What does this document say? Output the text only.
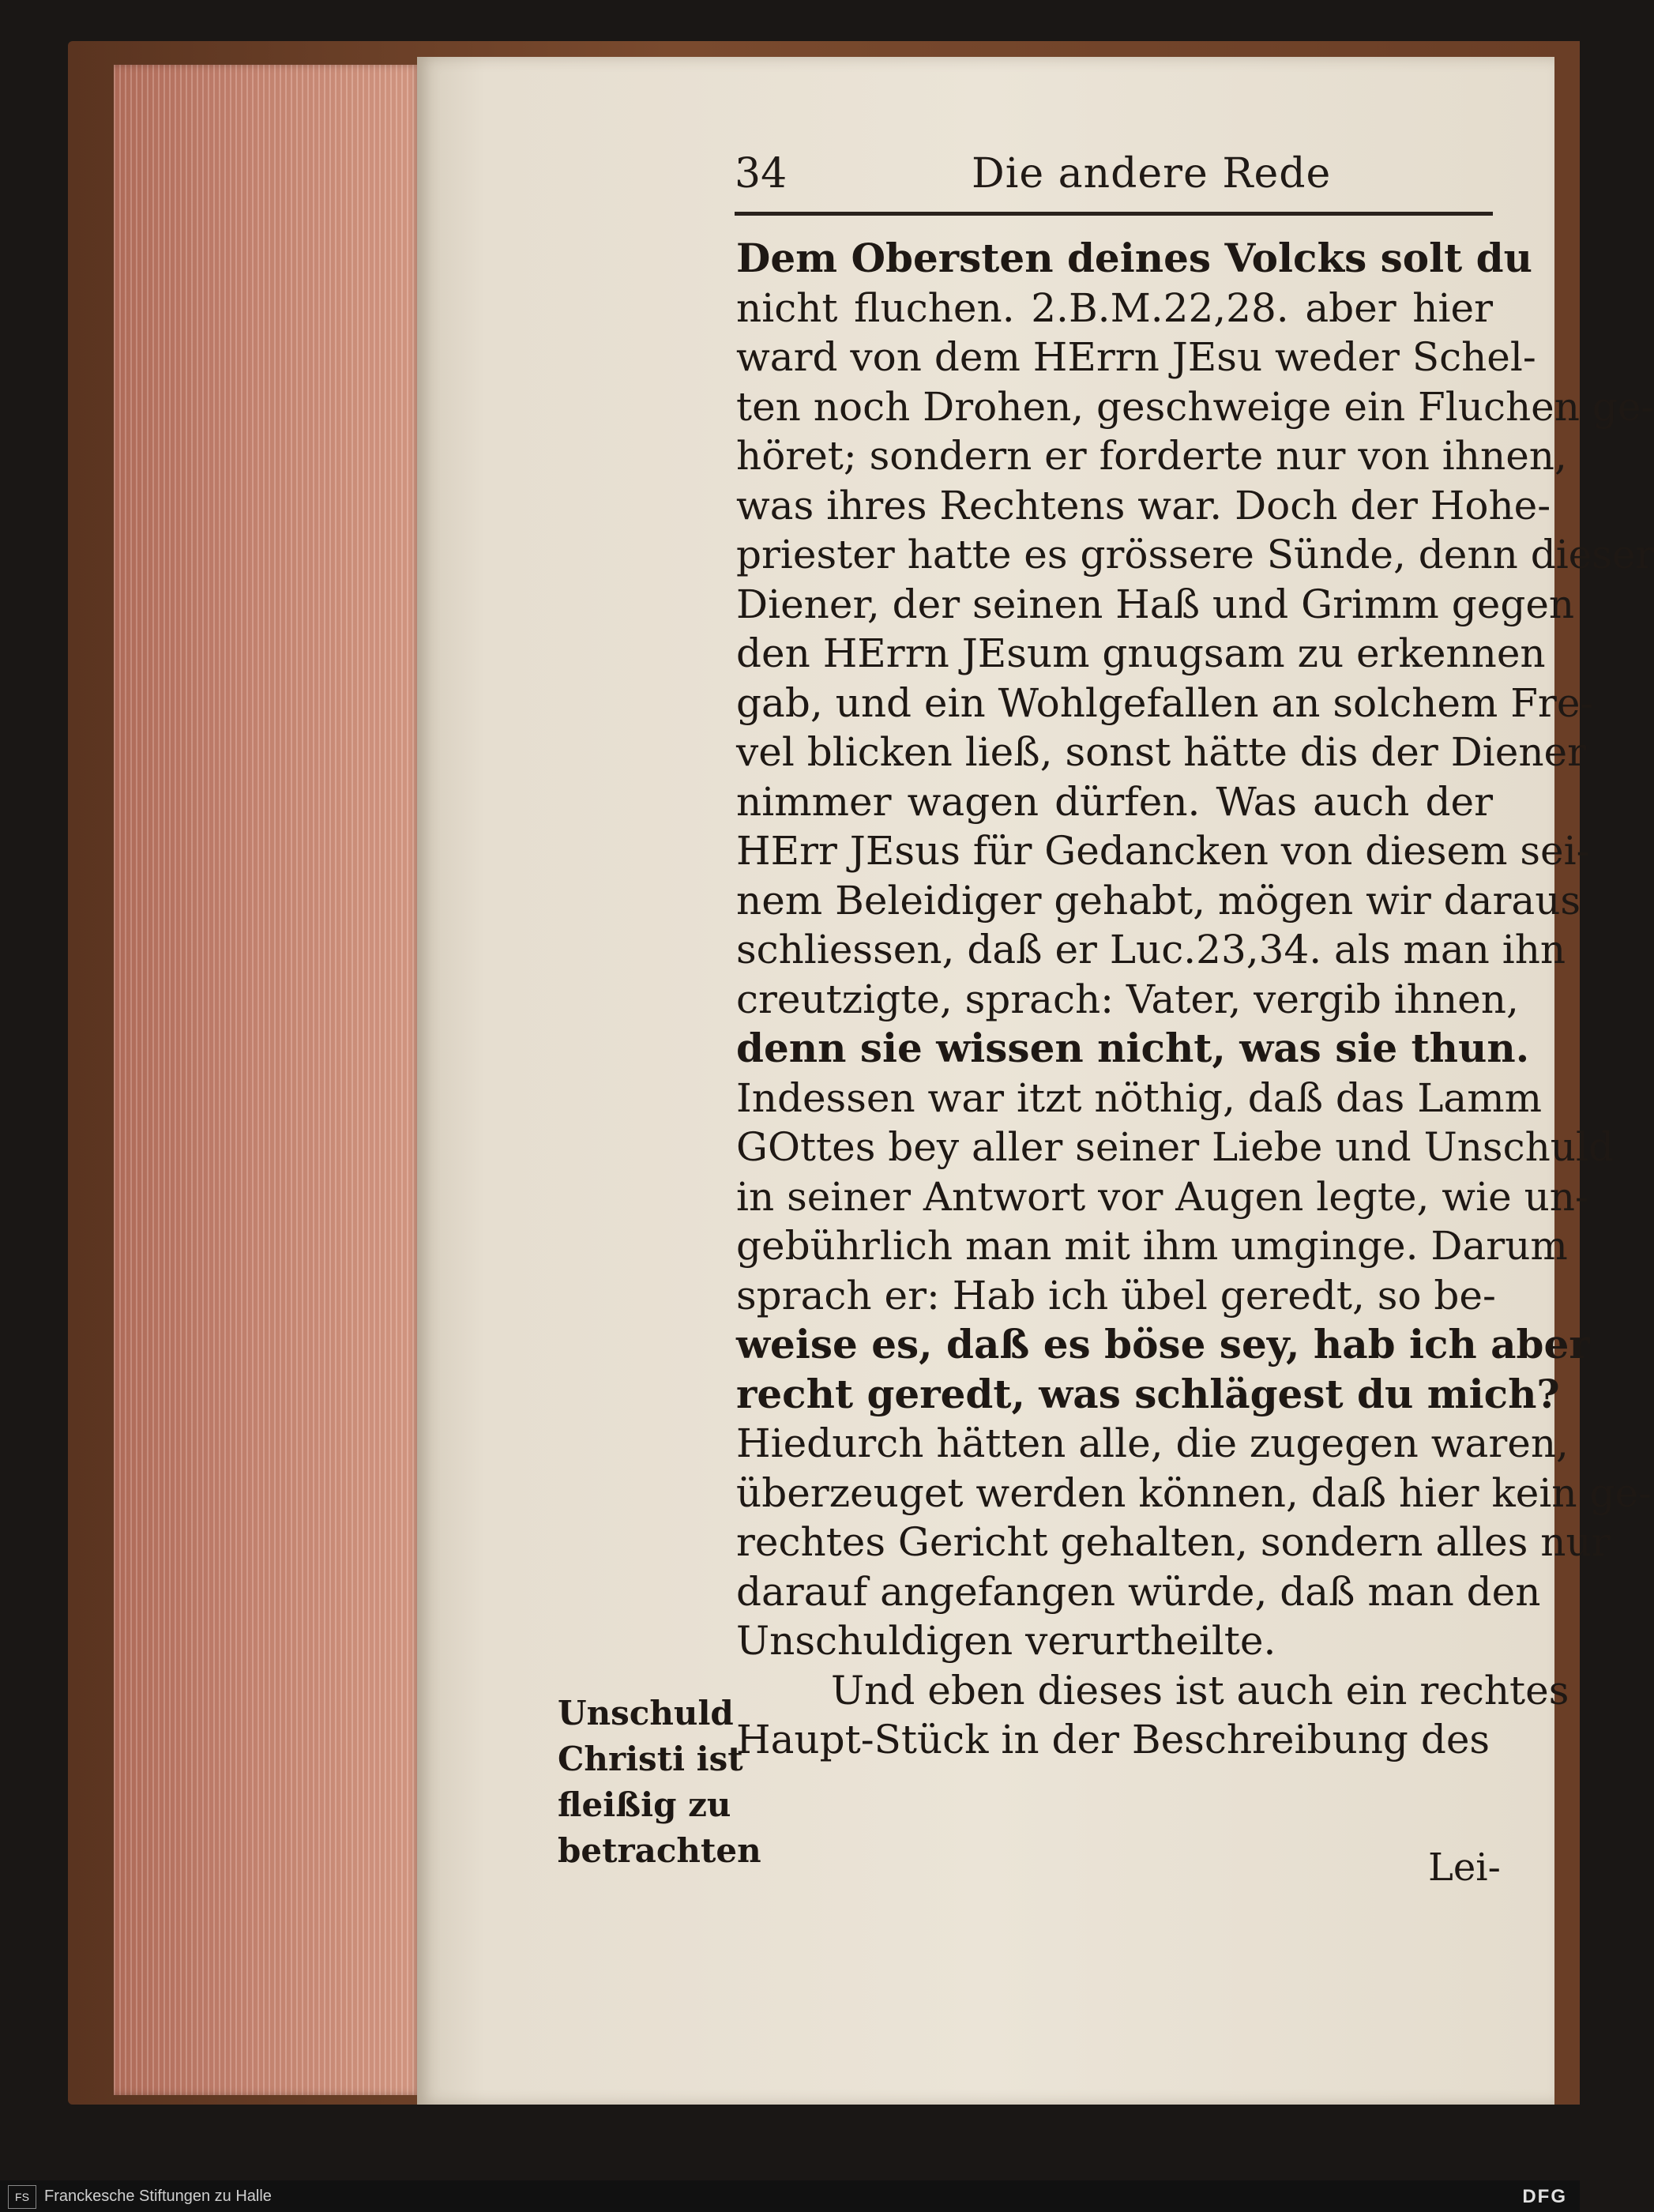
34	Die andere Rede
Dem Obersten deines Volcks solt du
nicht fluchen. 2.B.M.22,28. aber hier
ward von dem HErrn JEsu weder Schel-
ten noch Drohen, geschweige ein Fluchen ge-
höret; sondern er forderte nur von ihnen,
was ihres Rechtens war. Doch der Hohe-
priester hatte es grössere Sünde, denn dieser
Diener, der seinen Haß und Grimm gegen
den HErrn JEsum gnugsam zu erkennen
gab, und ein Wohlgefallen an solchem Fre-
vel blicken ließ, sonst hätte dis der Diener
nimmer wagen dürfen. Was auch der
HErr JEsus für Gedancken von diesem sei-
nem Beleidiger gehabt, mögen wir daraus
schliessen, daß er Luc.23,34. als man ihn
creutzigte, sprach: Vater, vergib ihnen,
denn sie wissen nicht, was sie thun.
Indessen war itzt nöthig, daß das Lamm
GOttes bey aller seiner Liebe und Unschuld
in seiner Antwort vor Augen legte, wie un-
gebührlich man mit ihm umginge. Darum
sprach er: Hab ich übel geredt, so be-
weise es, daß es böse sey, hab ich aber
recht geredt, was schlägest du mich?
Hiedurch hätten alle, die zugegen waren,
überzeuget werden können, daß hier kein ge-
rechtes Gericht gehalten, sondern alles nur
darauf angefangen würde, daß man den
Unschuldigen verurtheilte.
Und eben dieses ist auch ein rechtes
Haupt-Stück in der Beschreibung des
Unschuld
Christi ist
fleißig zu
betrachten	Lei-
FS Franckesche Stiftungen zu Halle	DFG
